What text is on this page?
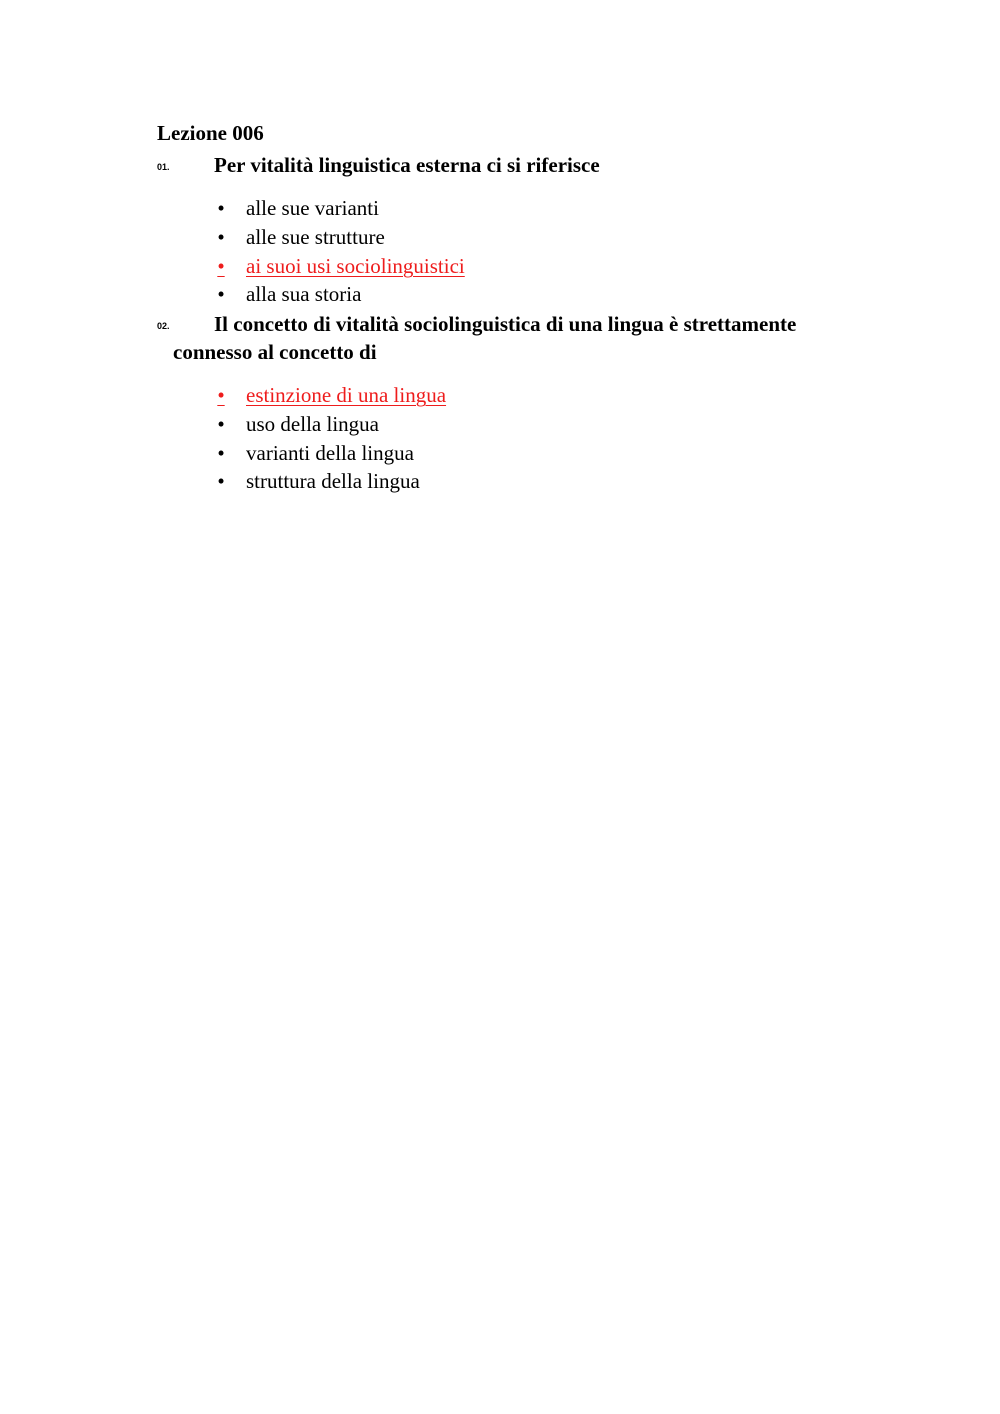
Lezione 006
01.	Per vitalità linguistica esterna ci si riferisce

• alle sue varianti
• alle sue strutture
• ai suoi usi sociolinguistici
• alla sua storia
02.	Il concetto di vitalità sociolinguistica di una lingua è strettamente connesso al concetto di

• estinzione di una lingua
• uso della lingua
• varianti della lingua
• struttura della lingua
